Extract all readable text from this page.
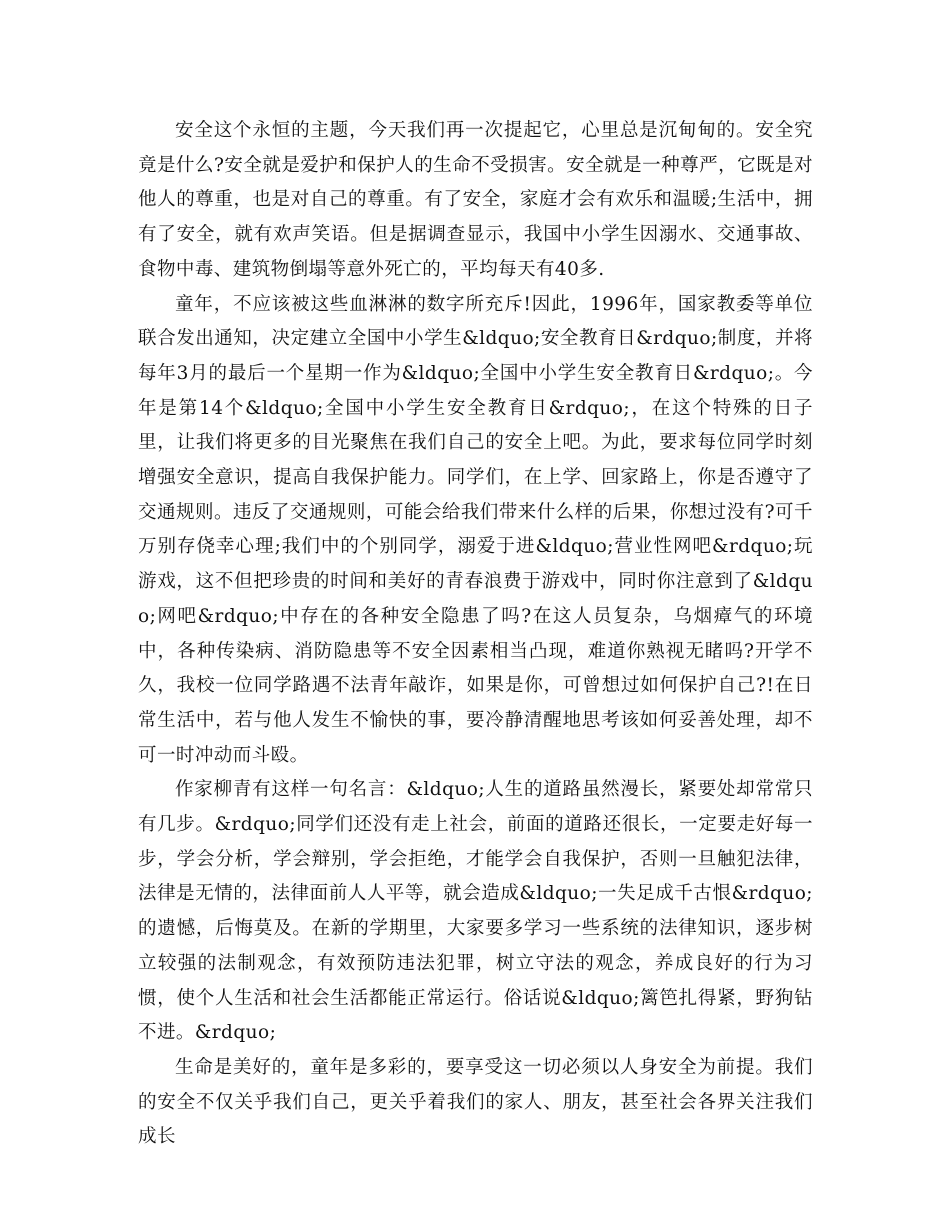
安全这个永恒的主题，今天我们再一次提起它，心里总是沉甸甸的。安全究竟是什么?安全就是爱护和保护人的生命不受损害。安全就是一种尊严，它既是对他人的尊重，也是对自己的尊重。有了安全，家庭才会有欢乐和温暖;生活中，拥有了安全，就有欢声笑语。但是据调查显示，我国中小学生因溺水、交通事故、食物中毒、建筑物倒塌等意外死亡的，平均每天有40多.

童年，不应该被这些血淋淋的数字所充斥!因此，1996年，国家教委等单位联合发出通知，决定建立全国中小学生&ldquo;安全教育日&rdquo;制度，并将每年3月的最后一个星期一作为&ldquo;全国中小学生安全教育日&rdquo;。今年是第14个&ldquo;全国中小学生安全教育日&rdquo;，在这个特殊的日子里，让我们将更多的目光聚焦在我们自己的安全上吧。为此，要求每位同学时刻增强安全意识，提高自我保护能力。同学们，在上学、回家路上，你是否遵守了交通规则。违反了交通规则，可能会给我们带来什么样的后果，你想过没有?可千万别存侥幸心理;我们中的个别同学，溺爱于进&ldquo;营业性网吧&rdquo;玩游戏，这不但把珍贵的时间和美好的青春浪费于游戏中，同时你注意到了&ldquo;网吧&rdquo;中存在的各种安全隐患了吗?在这人员复杂，乌烟瘴气的环境中，各种传染病、消防隐患等不安全因素相当凸现，难道你熟视无睹吗?开学不久，我校一位同学路遇不法青年敲诈，如果是你，可曾想过如何保护自己?!在日常生活中，若与他人发生不愉快的事，要冷静清醒地思考该如何妥善处理，却不可一时冲动而斗殴。

作家柳青有这样一句名言：&ldquo;人生的道路虽然漫长，紧要处却常常只有几步。&rdquo;同学们还没有走上社会，前面的道路还很长，一定要走好每一步，学会分析，学会辩别，学会拒绝，才能学会自我保护，否则一旦触犯法律，法律是无情的，法律面前人人平等，就会造成&ldquo;一失足成千古恨&rdquo;的遗憾，后悔莫及。在新的学期里，大家要多学习一些系统的法律知识，逐步树立较强的法制观念，有效预防违法犯罪，树立守法的观念，养成良好的行为习惯，使个人生活和社会生活都能正常运行。俗话说&ldquo;篱笆扎得紧，野狗钻不进。&rdquo;

生命是美好的，童年是多彩的，要享受这一切必须以人身安全为前提。我们的安全不仅关乎我们自己，更关乎着我们的家人、朋友，甚至社会各界关注我们成长
